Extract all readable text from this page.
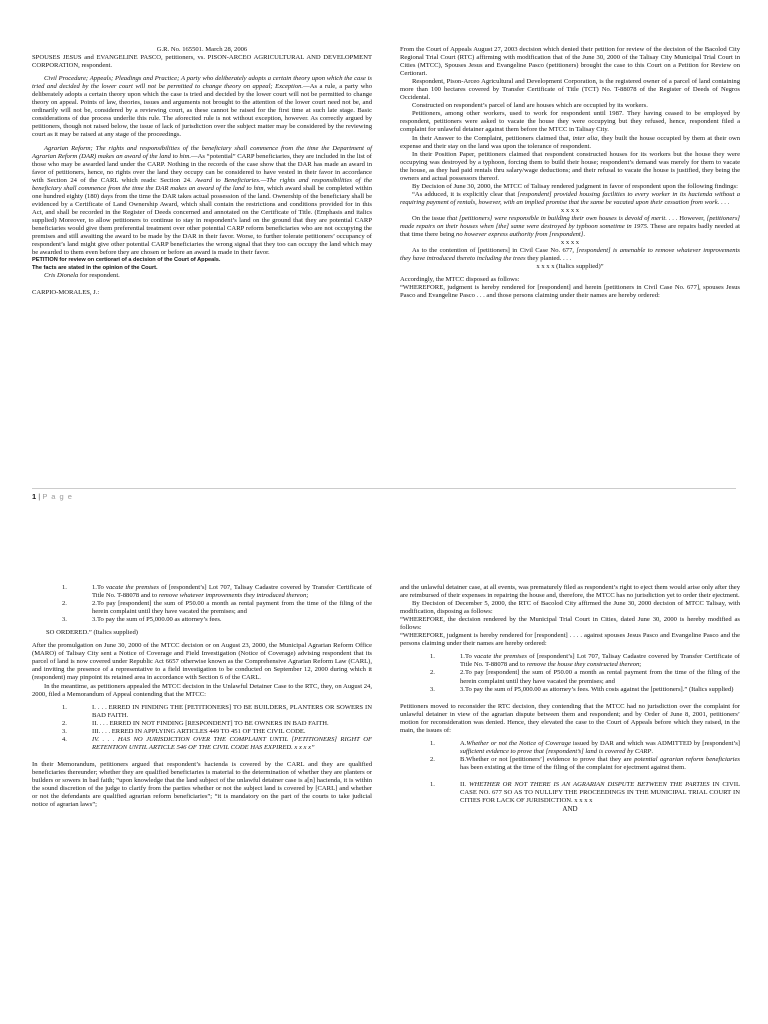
G.R. No. 165501. March 28, 2006

SPOUSES JESUS and EVANGELINE PASCO, petitioners, vs. PISON-ARCEO AGRICULTURAL AND DEVELOPMENT CORPORATION, respondent.

Civil Procedure; Appeals; Pleadings and Practice; A party who deliberately adopts a certain theory upon which the case is tried and decided by the lower court will not be permitted to change theory on appeal; Exception.—As a rule, a party who deliberately adopts a certain theory upon which the case is tried and decided by the lower court will not be permitted to change theory on appeal. Points of law, theories, issues and arguments not brought to the attention of the lower court need not be, and ordinarily will not be, considered by a reviewing court, as these cannot be raised for the first time at such late stage. Basic considerations of due process underlie this rule. The aforecited rule is not without exception, however. As correctly argued by petitioners, though not raised below, the issue of lack of jurisdiction over the subject matter may be considered by the reviewing court as it may be raised at any stage of the proceedings.

Agrarian Reform; The rights and responsibilities of the beneficiary shall commence from the time the Department of Agrarian Reform (DAR) makes an award of the land to him.—As “potential” CARP beneficiaries, they are included in the list of those who may be awarded land under the CARP. Nothing in the records of the case show that the DAR has made an award in favor of petitioners, hence, no rights over the land they occupy can be considered to have vested in their favor in accordance with Section 24 of the CARL which reads: Section 24. Award to Beneficiaries.—The rights and responsibilities of the beneficiary shall commence from the time the DAR makes an award of the land to him, which award shall be completed within one hundred eighty (180) days from the time the DAR takes actual possession of the land. Ownership of the beneficiary shall be evidenced by a Certificate of Land Ownership Award, which shall contain the restrictions and conditions provided for in this Act, and shall be recorded in the Register of Deeds concerned and annotated on the Certificate of Title. (Emphasis and italics supplied) Moreover, to allow petitioners to continue to stay in respondent’s land on the ground that they are potential CARP beneficiaries would give them preferential treatment over other potential CARP reform beneficiaries who are not occupying the premises and still awaiting the award to be made by the DAR in their favor. Worse, to further tolerate petitioners’ occupancy of respondent’s land might give other potential CARP beneficiaries the wrong signal that they too can occupy the land which may be awarded to them even before they are chosen or before an award is made in their favor.

PETITION for review on certiorari of a decision of the Court of Appeals.

The facts are stated in the opinion of the Court.

Cris Dionela for respondent.

CARPIO-MORALES, J.:

From the Court of Appeals August 27, 2003 decision which denied their petition for review of the decision of the Bacolod City Regional Trial Court (RTC) affirming with modification that of the June 30, 2000 of the Talisay City Municipal Trial Court in Cities (MTCC), Spouses Jesus and Evangeline Pasco (petitioners) brought the case to this Court on a Petition for Review on Certiorari.

Respondent, Pison-Arceo Agricultural and Development Corporation, is the registered owner of a parcel of land containing more than 100 hectares covered by Transfer Certificate of Title (TCT) No. T-88078 of the Register of Deeds of Negros Occidental.

Constructed on respondent’s parcel of land are houses which are occupied by its workers.

Petitioners, among other workers, used to work for respondent until 1987. They having ceased to be employed by respondent, petitioners were asked to vacate the house they were occupying but they refused, hence, respondent filed a complaint for unlawful detainer against them before the MTCC in Talisay City.

In their Answer to the Complaint, petitioners claimed that, inter alia, they built the house occupied by them at their own expense and their stay on the land was upon the tolerance of respondent.

In their Position Paper, petitioners claimed that respondent constructed houses for its workers but the house they were occupying was destroyed by a typhoon, forcing them to build their house; respondent’s demand was merely for them to vacate the house, as they had paid rentals thru salary/wage deductions; and their refusal to vacate the house is justified, they being the owners and actual possessors thereof.

By Decision of June 30, 2000, the MTCC of Talisay rendered judgment in favor of respondent upon the following findings:

“As adduced, it is explicitly clear that [respondent] provided housing facilities to every worker in its hacienda without a requiring payment of rentals, however, with an implied promise that the same be vacated upon their cessation from work. . . .

x x x x

On the issue that [petitioners] were responsible in building their own houses is devoid of merit. . . . However, [petitioners] made repairs on their houses when [the] same were destroyed by typhoon sometime in 1975. These are repairs badly needed at that time there being no however express authority from [respondent].

x x x x

As to the contention of [petitioners] in Civil Case No. 677, [respondent] is amenable to remove whatever improvements they have introduced thereto including the trees they planted. . . .

x x x x (Italics supplied)”

Accordingly, the MTCC disposed as follows:

“WHEREFORE, judgment is hereby rendered for [respondent] and herein [petitioners in Civil Case No. 677], spouses Jesus Pasco and Evangeline Pasco . . . and those persons claiming under their names are hereby ordered:

1 | P a g e
1.	1.To vacate the premises of [respondent’s] Lot 707, Talisay Cadastre covered by Transfer Certificate of Title No. T-88078 and to remove whatever improvements they introduced thereon;
2.	2.To pay [respondent] the sum of P50.00 a month as rental payment from the time of the filing of the herein complaint until they have vacated the premises; and
3.	3.To pay the sum of P5,000.00 as attorney’s fees.

SO ORDERED.” (Italics supplied)

After the promulgation on June 30, 2000 of the MTCC decision or on August 23, 2000, the Municipal Agrarian Reform Office (MARO) of Talisay City sent a Notice of Coverage and Field Investigation (Notice of Coverage) advising respondent that its parcel of land is now covered under Republic Act 6657 otherwise known as the Comprehensive Agrarian Reform Law (CARL), and inviting the presence of a representative to a field investigation to be conducted on September 12, 2000 during which it (respondent) may pinpoint its retained area in accordance with Section 6 of the CARL.

In the meantime, as petitioners appealed the MTCC decision in the Unlawful Detainer Case to the RTC, they, on August 24, 2000, filed a Memorandum of Appeal contending that the MTCC:

1.	I. . . . ERRED IN FINDING THE [PETITIONERS] TO BE BUILDERS, PLANTERS OR SOWERS IN BAD FAITH.
2.	II. . . . ERRED IN NOT FINDING [RESPONDENT] TO BE OWNERS IN BAD FAITH.
3.	III. . . . ERRED IN APPLYING ARTICLES 449 TO 451 OF THE CIVIL CODE.
4.	IV. . . . HAS NO JURISDICTION OVER THE COMPLAINT UNTIL [PETITIONERS] RIGHT OF RETENTION UNTIL ARTICLE 546 OF THE CIVIL CODE HAS EXPIRED. x x x x”

In their Memorandum, petitioners argued that respondent’s hacienda is covered by the CARL and they are qualified beneficiaries thereunder; whether they are qualified beneficiaries is material to the determination of whether they are planters or builders or sowers in bad faith; “upon knowledge that the land subject of the unlawful detainer case is a[n] hacienda, it is within the sound discretion of the judge to clarify from the parties whether or not the subject land is covered by [CARL] and whether or not the defendants are qualified agrarian reform beneficiaries”; “it is mandatory on the part of the courts to take judicial notice of agrarian laws”;

and the unlawful detainer case, at all events, was prematurely filed as respondent’s right to eject them would arise only after they are reimbursed of their expenses in repairing the house and, therefore, the MTCC has no jurisdiction yet to order their ejectment.

By Decision of December 5, 2000, the RTC of Bacolod City affirmed the June 30, 2000 decision of MTCC Talisay, with modification, disposing as follows:

“WHEREFORE, the decision rendered by the Municipal Trial Court in Cities, dated June 30, 2000 is hereby modified as follows:

“WHEREFORE, judgment is hereby rendered for [respondent] . . . . against spouses Jesus Pasco and Evangeline Pasco and the persons claiming under their names are hereby ordered:

1.	1.To vacate the premises of [respondent’s] Lot 707, Talisay Cadastre covered by Transfer Certificate of Title No. T-88078 and to remove the house they constructed thereon;
2.	2.To pay [respondent] the sum of P50.00 a month as rental payment from the time of the filing of the herein complaint until they have vacated the premises; and
3.	3.To pay the sum of P5,000.00 as attorney’s fees. With costs against the [petitioners].” (Italics supplied)

Petitioners moved to reconsider the RTC decision, they contending that the MTCC had no jurisdiction over the complaint for unlawful detainer in view of the agrarian dispute between them and respondent; and by Order of June 8, 2001, petitioners’ motion for reconsideration was denied. Hence, they elevated the case to the Court of Appeals before which they raised, in the main, the issues of:

1.	A.Whether or not the Notice of Coverage issued by DAR and which was ADMITTED by [respondent’s] sufficient evidence to prove that [respondent’s] land is covered by CARP.
2.	B.Whether or not [petitioners’] evidence to prove that they are potential agrarian reform beneficiaries has been existing at the time of the filing of the complaint for ejectment against them.
1.	II. WHETHER OR NOT THERE IS AN AGRARIAN DISPUTE BETWEEN THE PARTIES IN CIVIL CASE NO. 677 SO AS TO NULLIFY THE PROCEEDINGS IN THE MUNICIPAL TRIAL COURT IN CITIES FOR LACK OF JURISDICTION. x x x x

AND
